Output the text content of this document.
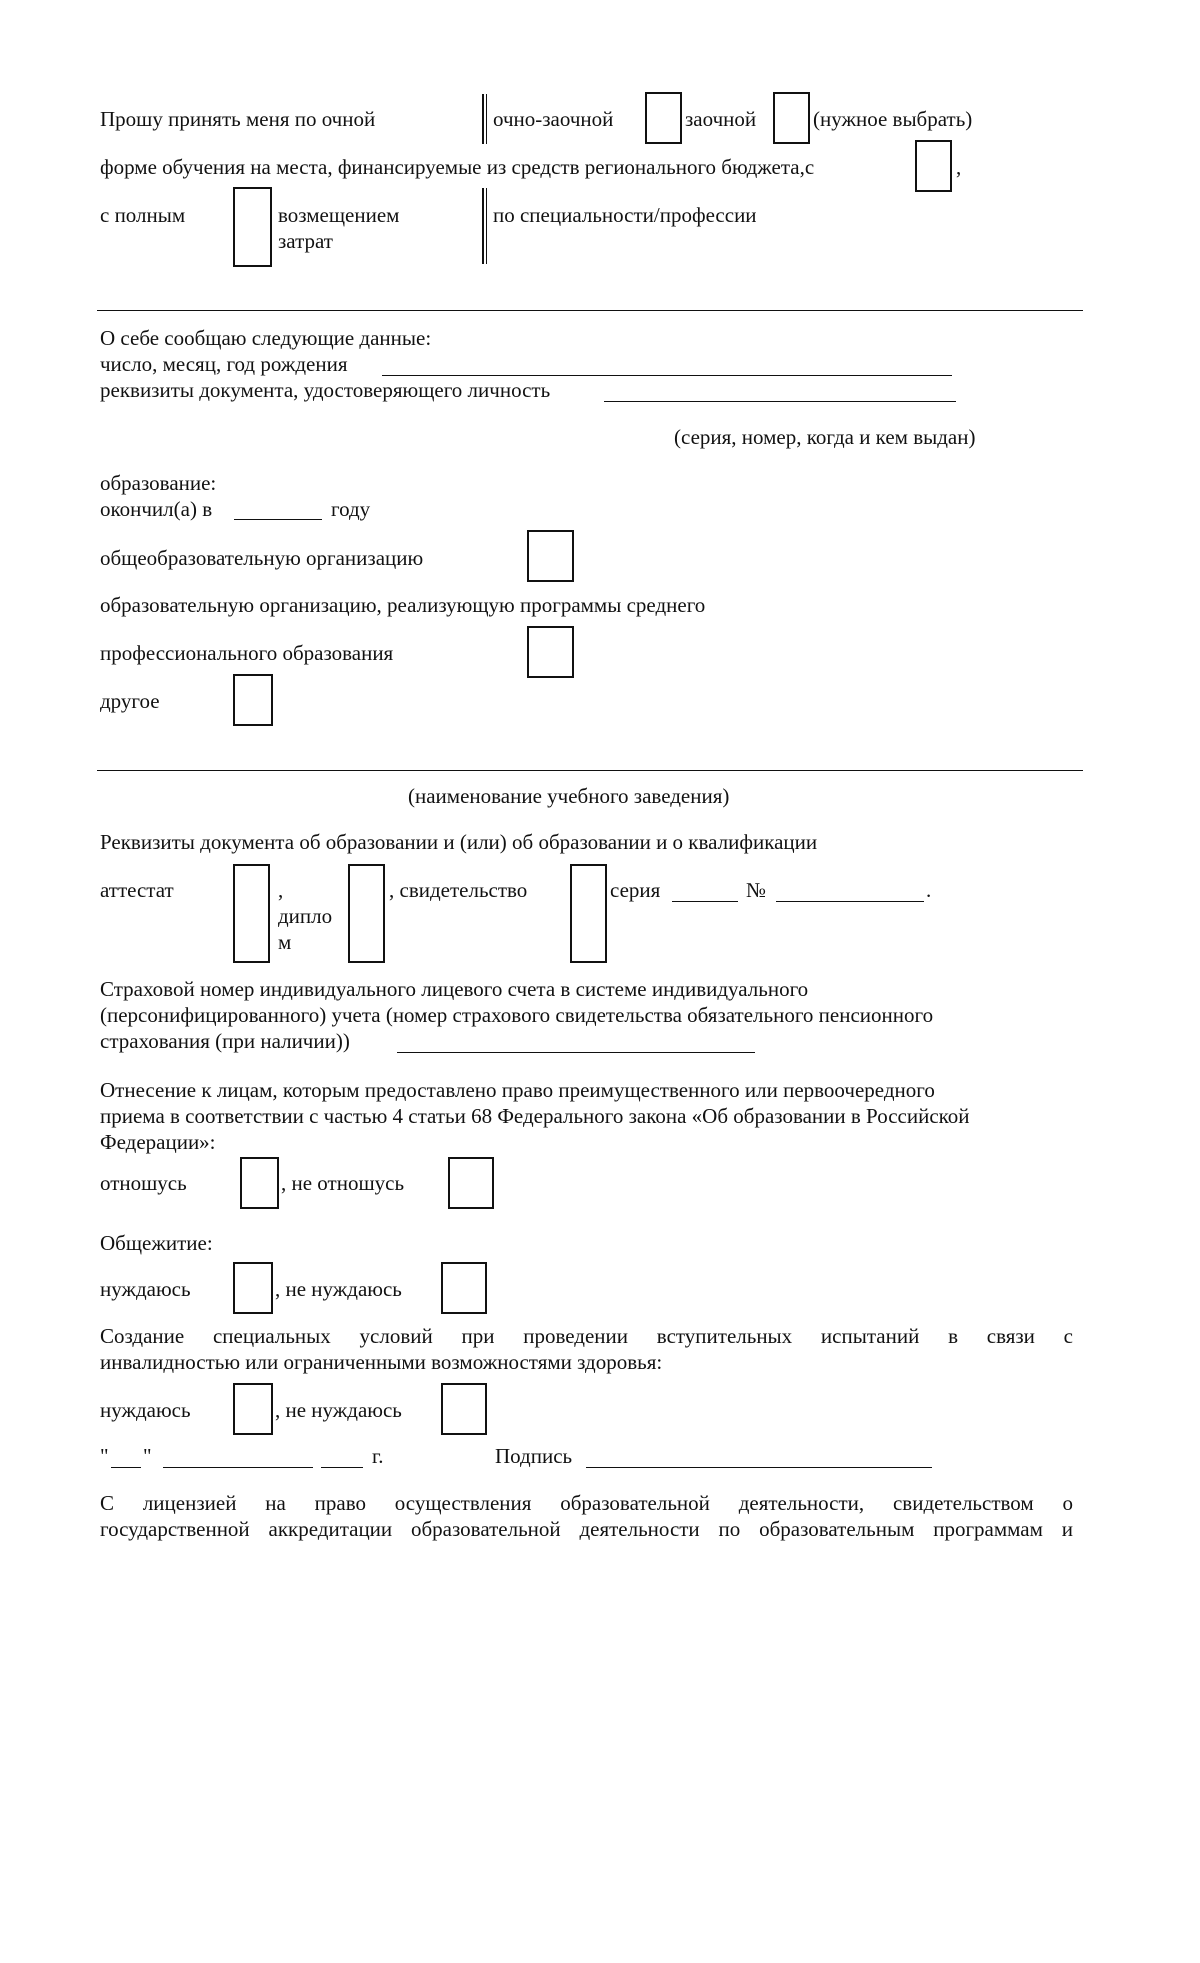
Прошу принять меня по очной	очно-заочной	заочной	(нужное выбрать)
форме обучения на места, финансируемые из средств регионального бюджета,с	,
с полным	возмещением
затрат
по специальности/профессии
О себе сообщаю следующие данные:
число, месяц, год рождения
реквизиты документа, удостоверяющего личность
(серия, номер, когда и кем выдан)
образование:
окончил(а) в	году
общеобразовательную организацию
образовательную организацию, реализующую программы среднего
профессионального образования
другое
(наименование учебного заведения)
Реквизиты документа об образовании и (или) об образовании и о квалификации
аттестат	,
дипло
м
, свидетельство	серия	№	.
Страховой номер индивидуального лицевого счета в системе индивидуального
(персонифицированного) учета (номер страхового свидетельства обязательного пенсионного
страхования (при наличии))
Отнесение к лицам, которым предоставлено право преимущественного или первоочередного
приема в соответствии с частью 4 статьи 68 Федерального закона «Об образовании в Российской
Федерации»:
отношусь	, не отношусь
Общежитие:
нуждаюсь	, не нуждаюсь
Создание специальных условий при проведении вступительных испытаний в связи с
инвалидностью или ограниченными возможностями здоровья:
нуждаюсь	, не нуждаюсь
" "	г.	Подпись
С лицензией на право осуществления образовательной деятельности, свидетельством о
государственной аккредитации образовательной деятельности по образовательным программам и
